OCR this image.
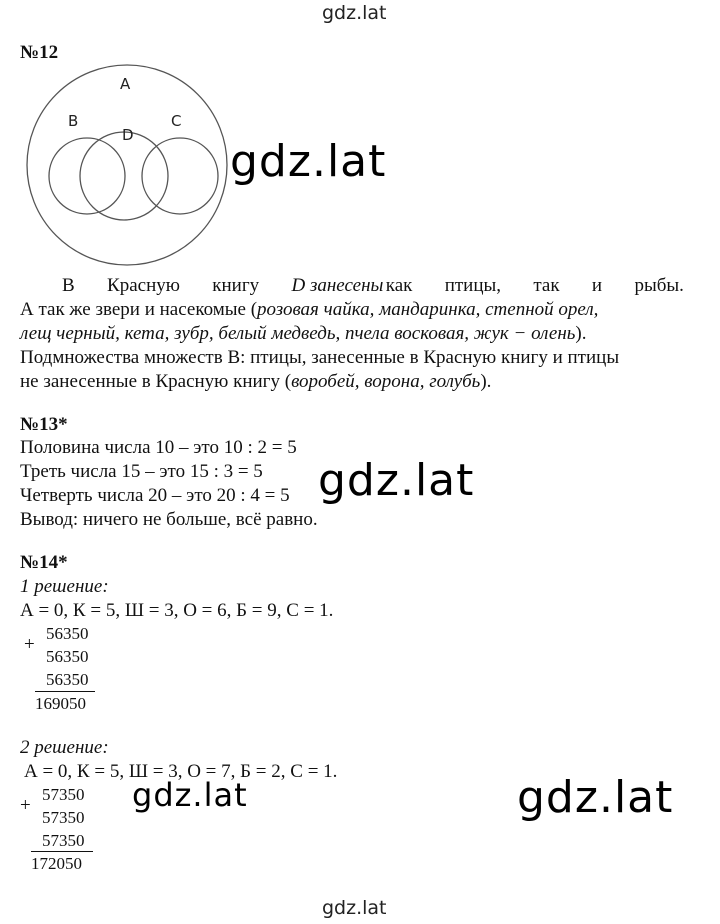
gdz.lat
gdz.lat
gdz.lat
gdz.lat	gdz.lat
gdz.lat
№12
A
B
D
C
В Красную книгу D занесены как птицы, так и рыбы.
А так же звери и насекомые (розовая чайка, мандаринка, степной орел,
лещ черный, кета, зубр, белый медведь, пчела восковая, жук − олень).
Подмножества множеств В: птицы, занесенные в Красную книгу и птицы
не занесенные в Красную книгу (воробей, ворона, голубь).
№13*
Половина числа 10 – это 10 : 2 = 5
Треть числа 15 – это 15 : 3 = 5
Четверть числа 20 – это 20 : 4 = 5
Вывод: ничего не больше, всё равно.
№14*
1 решение:
А = 0, К = 5, Ш = 3, О = 6, Б = 9, С = 1.
+
56350
56350
56350
169050
2 решение:
А = 0, К = 5, Ш = 3, О = 7, Б = 2, С = 1.
+
57350
57350
57350
172050
